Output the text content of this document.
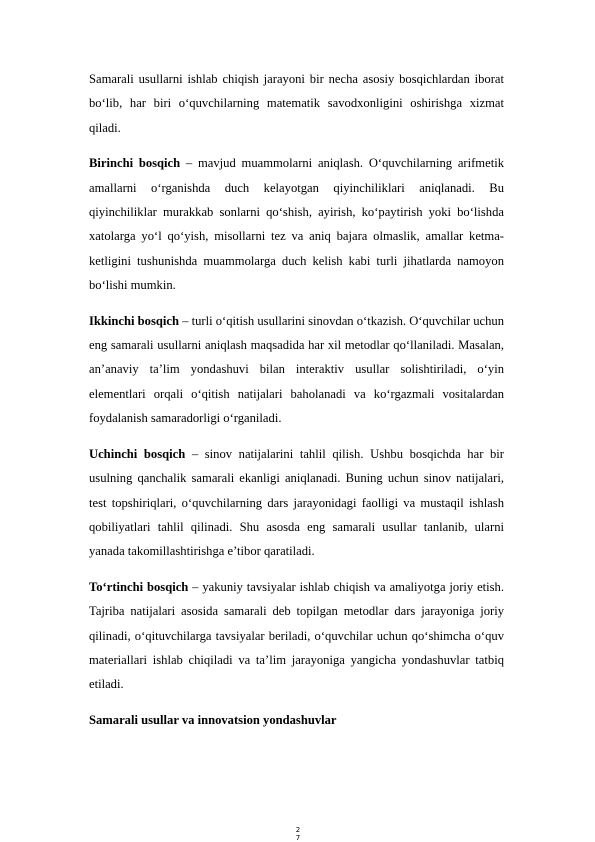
Samarali usullarni ishlab chiqish jarayoni bir necha asosiy bosqichlardan iborat bo‘lib, har biri o‘quvchilarning matematik savodxonligini oshirishga xizmat qiladi.

Birinchi bosqich – mavjud muammolarni aniqlash. O‘quvchilarning arifmetik amallarni o‘rganishda duch kelayotgan qiyinchiliklari aniqlanadi. Bu qiyinchiliklar murakkab sonlarni qo‘shish, ayirish, ko‘paytirish yoki bo‘lishda xatolarga yo‘l qo‘yish, misollarni tez va aniq bajara olmaslik, amallar ketma-ketligini tushunishda muammolarga duch kelish kabi turli jihatlarda namoyon bo‘lishi mumkin.

Ikkinchi bosqich – turli o‘qitish usullarini sinovdan o‘tkazish. O‘quvchilar uchun eng samarali usullarni aniqlash maqsadida har xil metodlar qo‘llaniladi. Masalan, an’anaviy ta’lim yondashuvi bilan interaktiv usullar solishtiriladi, o‘yin elementlari orqali o‘qitish natijalari baholanadi va ko‘rgazmali vositalardan foydalanish samaradorligi o‘rganiladi.

Uchinchi bosqich – sinov natijalarini tahlil qilish. Ushbu bosqichda har bir usulning qanchalik samarali ekanligi aniqlanadi. Buning uchun sinov natijalari, test topshiriqlari, o‘quvchilarning dars jarayonidagi faolligi va mustaqil ishlash qobiliyatlari tahlil qilinadi. Shu asosda eng samarali usullar tanlanib, ularni yanada takomillashtirishga e’tibor qaratiladi.

To‘rtinchi bosqich – yakuniy tavsiyalar ishlab chiqish va amaliyotga joriy etish. Tajriba natijalari asosida samarali deb topilgan metodlar dars jarayoniga joriy qilinadi, o‘qituvchilarga tavsiyalar beriladi, o‘quvchilar uchun qo‘shimcha o‘quv materiallari ishlab chiqiladi va ta’lim jarayoniga yangicha yondashuvlar tatbiq etiladi.

Samarali usullar va innovatsion yondashuvlar

2
7
